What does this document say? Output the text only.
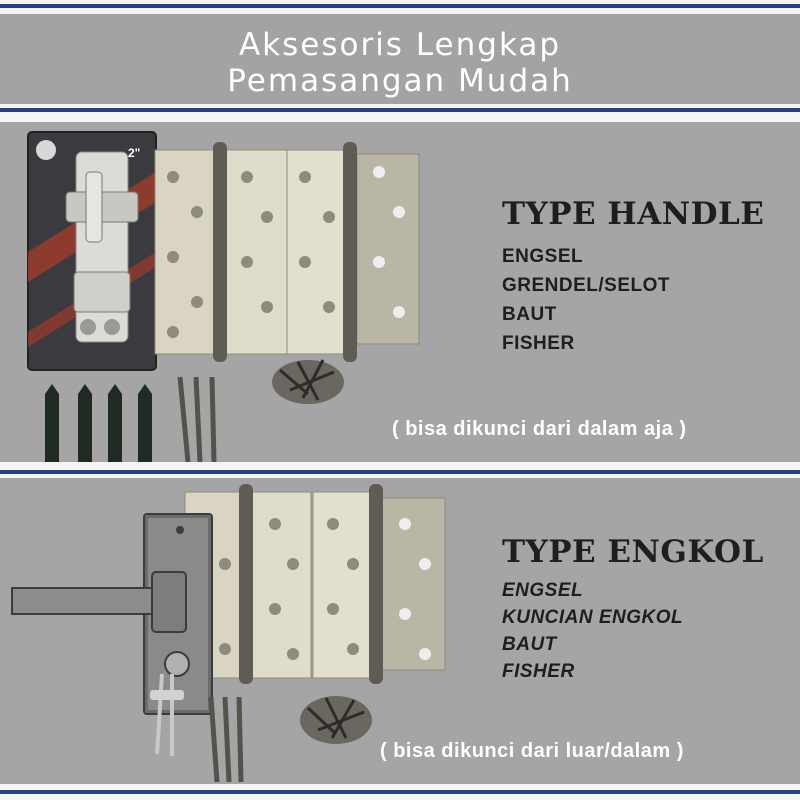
Aksesoris Lengkap
Pemasangan Mudah
2"
TYPE HANDLE
ENGSEL
GRENDEL/SELOT
BAUT
FISHER
( bisa dikunci dari dalam aja )
TYPE ENGKOL
ENGSEL
KUNCIAN ENGKOL
BAUT
FISHER
( bisa dikunci dari luar/dalam )
